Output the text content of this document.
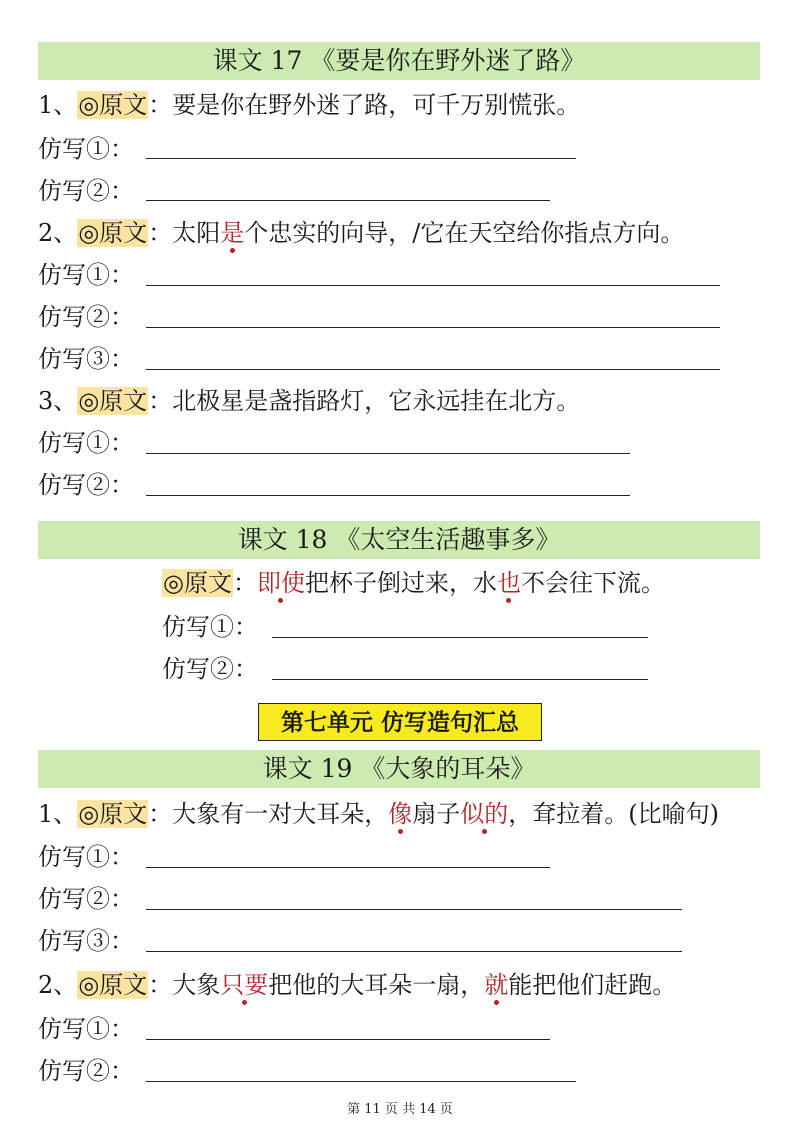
课文 17 《要是你在野外迷了路》
1、◎原文：要是你在野外迷了路，可千万别慌张。
仿写①：
仿写②：
2、◎原文：太阳是个忠实的向导，/它在天空给你指点方向。
仿写①：
仿写②：
仿写③：
3、◎原文：北极星是盏指路灯，它永远挂在北方。
仿写①：
仿写②：
课文 18 《太空生活趣事多》
◎原文：即使把杯子倒过来，水也不会往下流。
仿写①：
仿写②：
第七单元 仿写造句汇总
课文 19 《大象的耳朵》
1、◎原文：大象有一对大耳朵，像扇子似的，耷拉着。(比喻句)
仿写①：
仿写②：
仿写③：
2、◎原文：大象只要把他的大耳朵一扇，就能把他们赶跑。
仿写①：
仿写②：
第 11 页 共 14 页
